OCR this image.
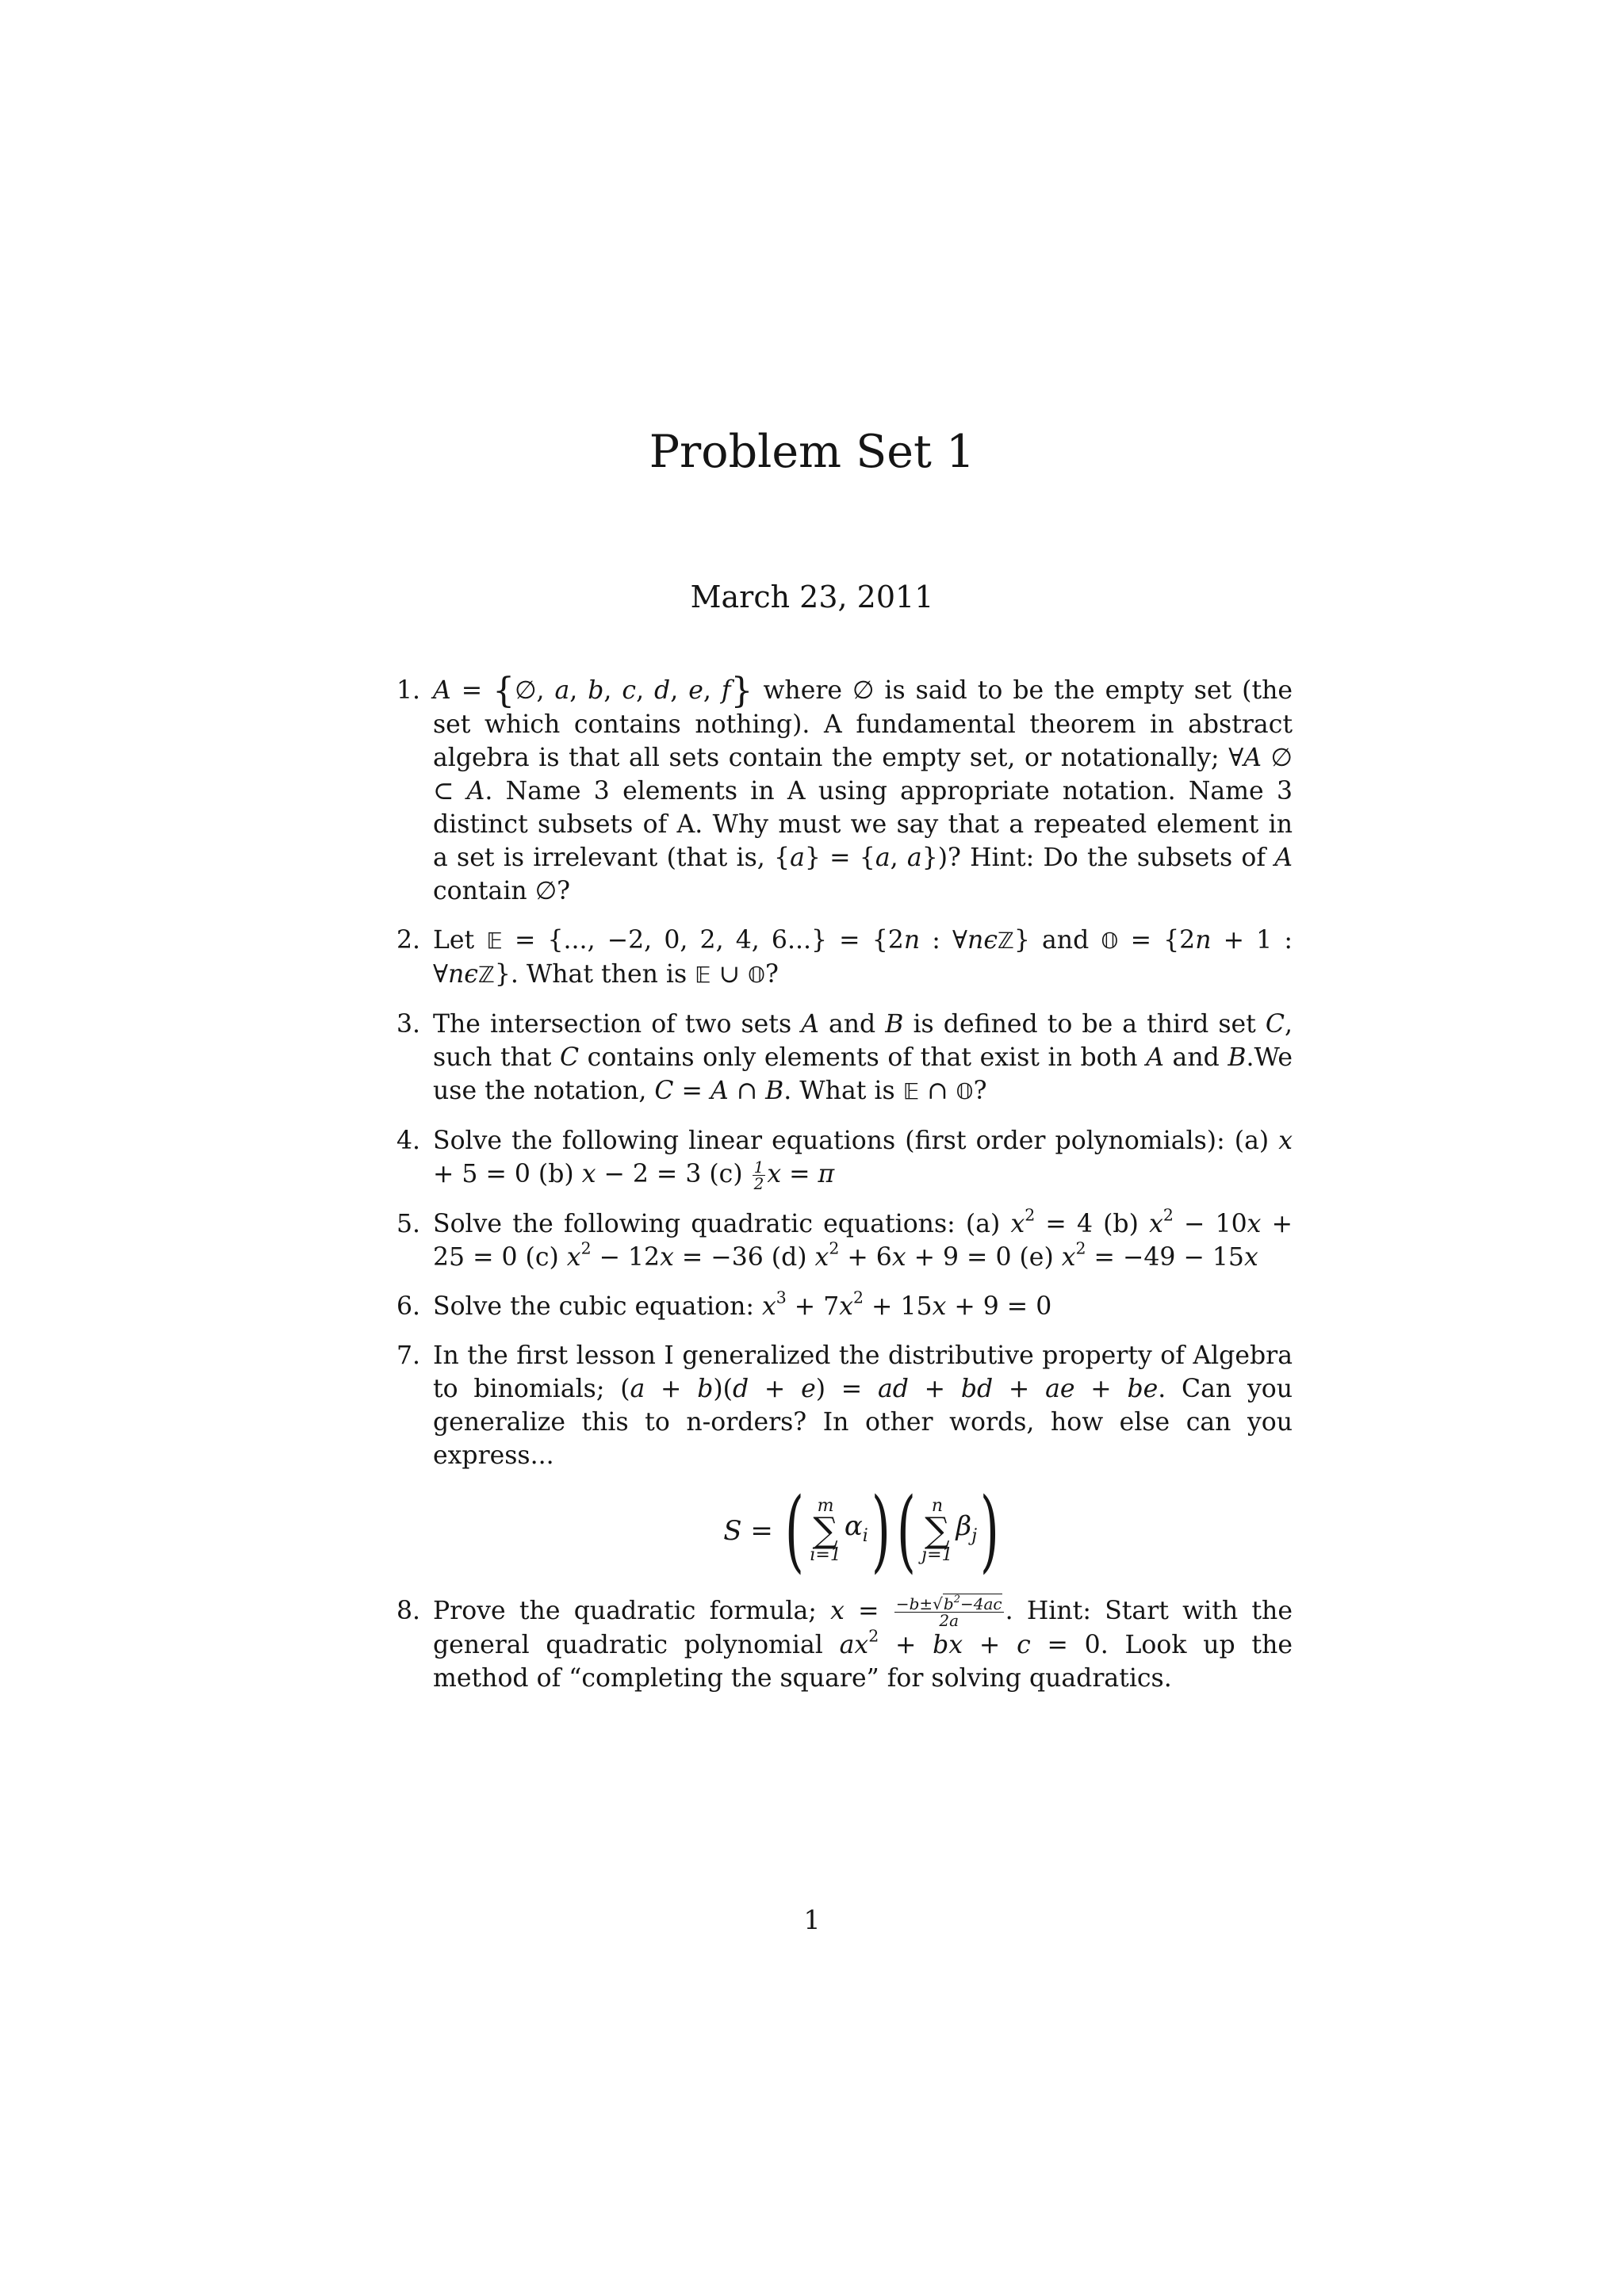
Problem Set 1
March 23, 2011
1. A = {∅, a, b, c, d, e, f} where ∅ is said to be the empty set (the set which contains nothing). A fundamental theorem in abstract algebra is that all sets contain the empty set, or notationally; ∀A ∅ ⊂ A. Name 3 elements in A using appropriate notation. Name 3 distinct subsets of A. Why must we say that a repeated element in a set is irrelevant (that is, {a} = {a, a})? Hint: Do the subsets of A contain ∅?
2. Let 𝔼 = {..., −2, 0, 2, 4, 6...} = {2n : ∀nϵℤ} and 𝕆 = {2n + 1 : ∀nϵℤ}. What then is 𝔼 ∪ 𝕆?
3. The intersection of two sets A and B is defined to be a third set C, such that C contains only elements of that exist in both A and B.We use the notation, C = A ∩ B. What is 𝔼 ∩ 𝕆?
4. Solve the following linear equations (first order polynomials): (a) x + 5 = 0 (b) x − 2 = 3 $(c) \frac{1}{2}$ x = π
5. Solve the following quadratic equations: (a) $x^2 = 4$ (b) $x^2 - 10x + 25 = 0$ (c) $x^2 - 12x = -36$ (d) $x^2 + 6x + 9 = 0$ (e) $x^2 = -49 - 15x$
6. Solve the cubic equation: $x^3 + 7x^2 + 15x + 9 = 0$
7. In the first lesson I generalized the distributive property of Algebra to binomials; (a + b)(d + e) = ad + bd + ae + be. Can you generalize this to n-orders? In other words, how else can you express...
S = ( m
∑
i=1
$\alpha_i$ ) ( n
∑
j=1
$\beta_j$ )
8. Prove the quadratic formula; $x = \frac{-b\pm√b^2-4ac}{2a}$ . Hint: Start with the general quadratic polynomial $ax^2$ + bx + c = 0. Look up the method of “completing the square” for solving quadratics.
1
